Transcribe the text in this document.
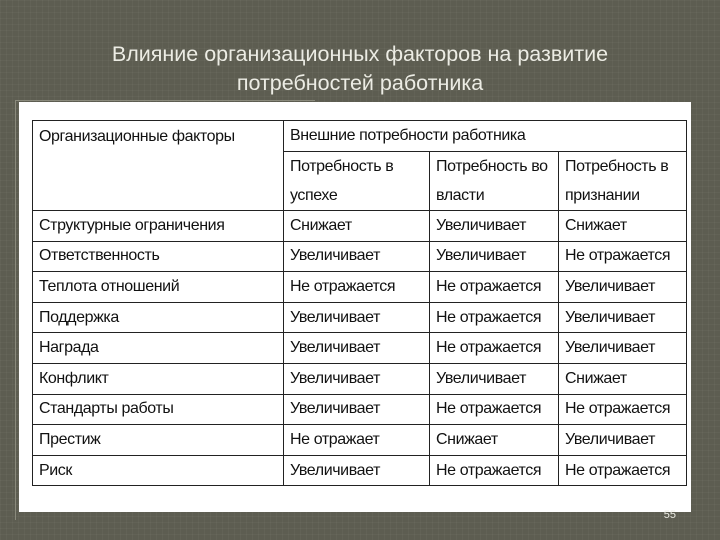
Влияние организационных факторов на развитие
потребностей работника
Организационные факторы	Внешние потребности работника		
	Потребность в успехе	Потребность во власти	Потребность в признании
Структурные ограничения	Снижает	Увеличивает	Снижает
Ответственность	Увеличивает	Увеличивает	Не отражается
Теплота отношений	Не отражается	Не отражается	Увеличивает
Поддержка	Увеличивает	Не отражается	Увеличивает
Награда	Увеличивает	Не отражается	Увеличивает
Конфликт	Увеличивает	Увеличивает	Снижает
Стандарты работы	Увеличивает	Не отражается	Не отражается
Престиж	Не отражает	Снижает	Увеличивает
Риск	Увеличивает	Не отражается	Не отражается
55
